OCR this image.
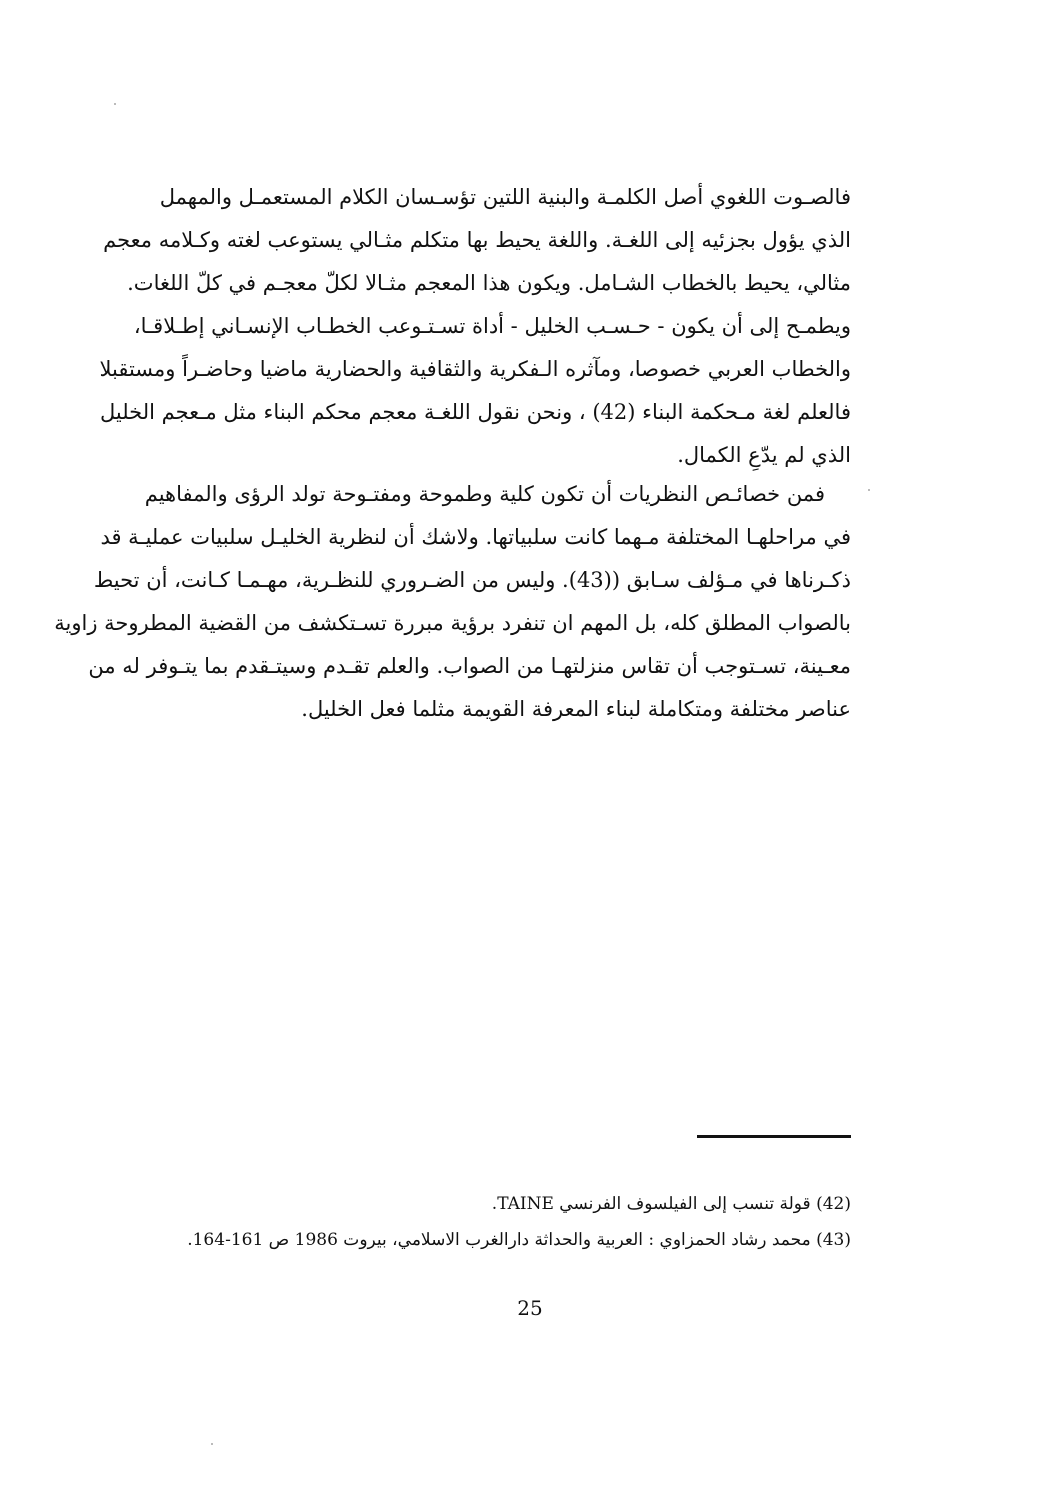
فالصـوت اللغوي أصل الكلمـة والبنية اللتين تؤسـسان الكلام المستعمـل والمهمل
الذي يؤول بجزئيه إلى اللغـة. واللغة يحيط بها متكلم مثـالي يستوعب لغته وكـلامه معجم
مثالي، يحيط بالخطاب الشـامل. ويكون هذا المعجم مثـالا لكلّ معجـم في كلّ اللغات.
ويطمـح إلى أن يكون - حـسـب الخليل - أداة تسـتـوعب الخطـاب الإنسـاني إطـلاقـا،
والخطاب العربي خصوصا، ومآثره الـفكرية والثقافية والحضارية ماضيا وحاضـراً ومستقبلا
فالعلم لغة مـحكمة البناء (42) ، ونحن نقول اللغـة معجم محكم البناء مثل مـعجم الخليل
الذي لم يدّعِ الكمال.
فمن خصائـص النظريات أن تكون كلية وطموحة ومفتـوحة تولد الرؤى والمفاهيم
في مراحلهـا المختلفة مـهما كانت سلبياتها. ولاشك أن لنظرية الخليـل سلبيات عمليـة قد
ذكـرناها في مـؤلف سـابق ((43). وليس من الضـروري للنظـرية، مهـمـا كـانت، أن تحيط
بالصواب المطلق كله، بل المهم ان تنفرد برؤية مبررة تسـتكشف من القضية المطروحة زاوية
معـينة، تسـتوجب أن تقاس منزلتهـا من الصواب. والعلم تقـدم وسيتـقدم بما يتـوفر له من
عناصر مختلفة ومتكاملة لبناء المعرفة القويمة مثلما فعل الخليل.
(42) قولة تنسب إلى الفيلسوف الفرنسي TAINE.
(43) محمد رشاد الحمزاوي : العربية والحداثة دارالغرب الاسلامي، بيروت 1986 ص 161-164.
25
